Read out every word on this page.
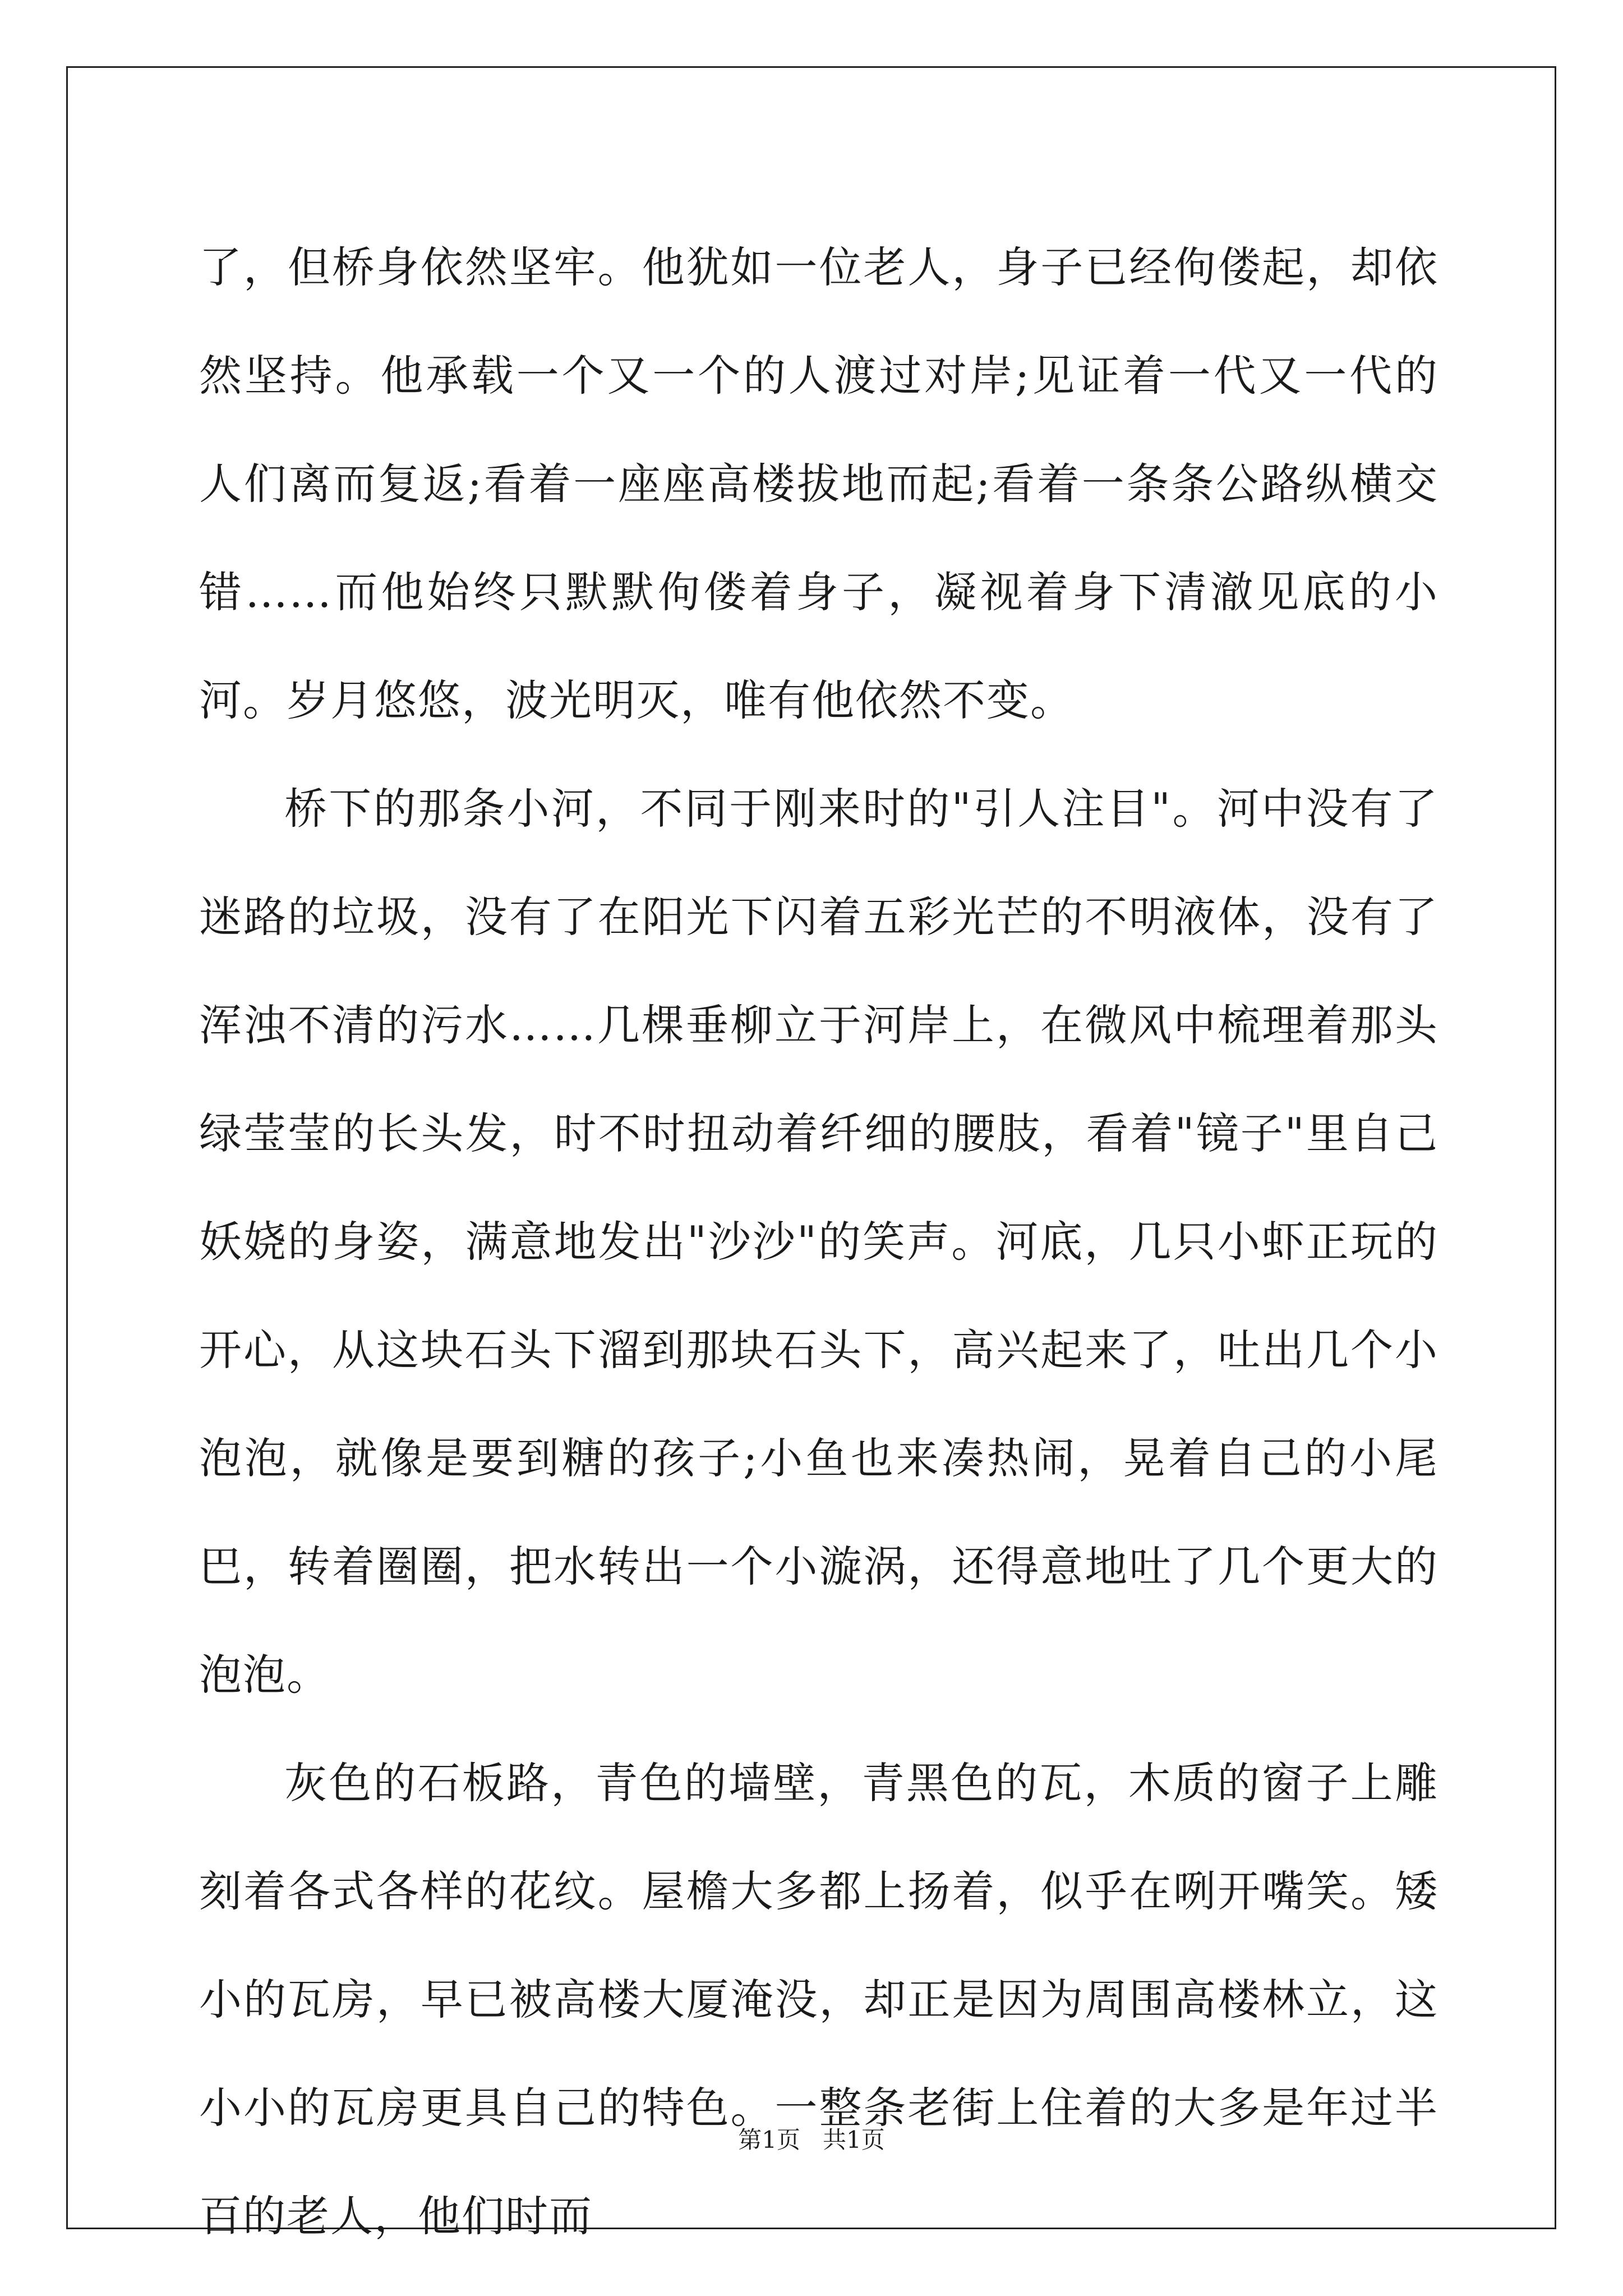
了，但桥身依然坚牢。他犹如一位老人，身子已经佝偻起，却依然坚持。他承载一个又一个的人渡过对岸;见证着一代又一代的人们离而复返;看着一座座高楼拔地而起;看着一条条公路纵横交错……而他始终只默默佝偻着身子，凝视着身下清澈见底的小河。岁月悠悠，波光明灭，唯有他依然不变。

桥下的那条小河，不同于刚来时的"引人注目"。河中没有了迷路的垃圾，没有了在阳光下闪着五彩光芒的不明液体，没有了浑浊不清的污水……几棵垂柳立于河岸上，在微风中梳理着那头绿莹莹的长头发，时不时扭动着纤细的腰肢，看着"镜子"里自己妖娆的身姿，满意地发出"沙沙"的笑声。河底，几只小虾正玩的开心，从这块石头下溜到那块石头下，高兴起来了，吐出几个小泡泡，就像是要到糖的孩子;小鱼也来凑热闹，晃着自己的小尾巴，转着圈圈，把水转出一个小漩涡，还得意地吐了几个更大的泡泡。

灰色的石板路，青色的墙壁，青黑色的瓦，木质的窗子上雕刻着各式各样的花纹。屋檐大多都上扬着，似乎在咧开嘴笑。矮小的瓦房，早已被高楼大厦淹没，却正是因为周围高楼林立，这小小的瓦房更具自己的特色。一整条老街上住着的大多是年过半百的老人，他们时而

第1页   共1页
